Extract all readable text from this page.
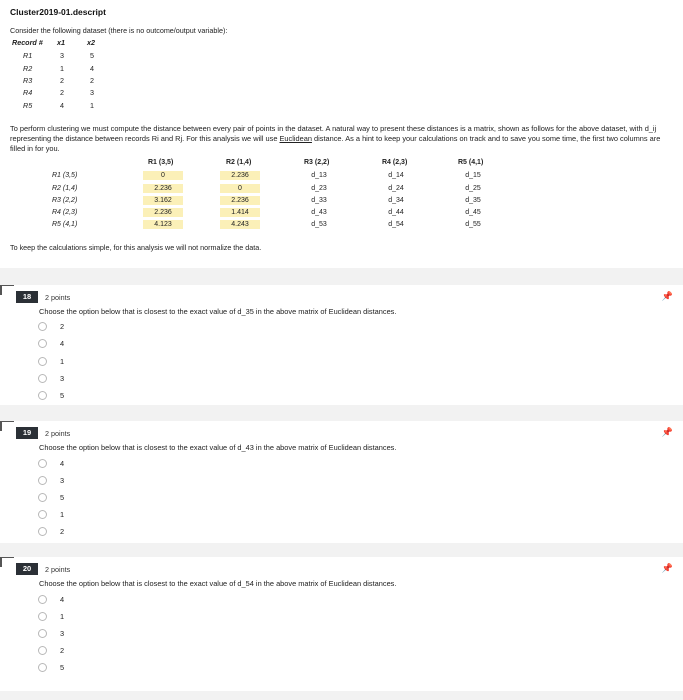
Cluster2019-01.descript
Consider the following dataset (there is no outcome/output variable):
Record # x1	x2
R1	3	5
R2	1	4
R3	2	2
R4	2	3
R5	4	1
To perform clustering we must compute the distance between every pair of points in the dataset. A natural way to present these distances is a matrix, shown as follows for the above dataset, with d_ij representing the distance between records Ri and Rj. For this analysis we will use Euclidean distance. As a hint to keep your calculations on track and to save you some time, the first two columns are filled in for you.
R1 (3,5)	R2 (1,4)	R3 (2,2)	R4 (2,3)	R5 (4,1)
R1 (3,5)	0	2.236	d_13	d_14	d_15
R2 (1,4)	2.236	0	d_23	d_24	d_25
R3 (2,2)	3.162	2.236	d_33	d_34	d_35
R4 (2,3)	2.236	1.414	d_43	d_44	d_45
R5 (4,1)	4.123	4.243	d_53	d_54	d_55
To keep the calculations simple, for this analysis we will not normalize the data.
18	2 points	📌
Choose the option below that is closest to the exact value of d_35 in the above matrix of Euclidean distances.
2
4
1
3
5
19	2 points	📌
Choose the option below that is closest to the exact value of d_43 in the above matrix of Euclidean distances.
4
3
5
1
2
20	2 points	📌
Choose the option below that is closest to the exact value of d_54 in the above matrix of Euclidean distances.
4
1
3
2
5
